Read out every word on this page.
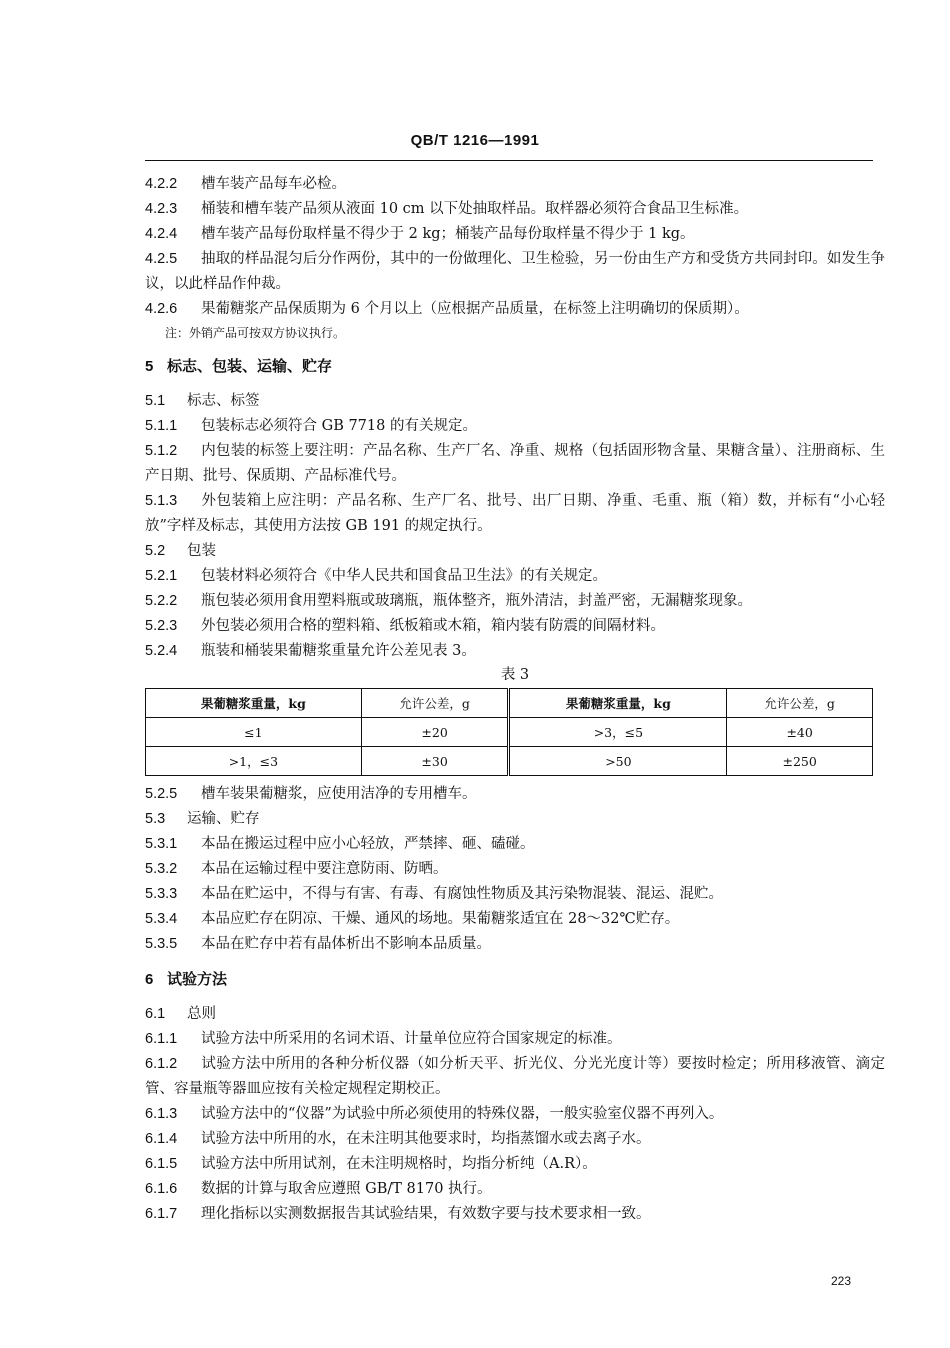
QB/T 1216—1991

4.2.2 槽车装产品每车必检。

4.2.3 桶装和槽车装产品须从液面 10 cm 以下处抽取样品。取样器必须符合食品卫生标准。

4.2.4 槽车装产品每份取样量不得少于 2 kg；桶装产品每份取样量不得少于 1 kg。

4.2.5 抽取的样品混匀后分作两份，其中的一份做理化、卫生检验，另一份由生产方和受货方共同封印。如发生争议，以此样品作仲裁。

4.2.6 果葡糖浆产品保质期为 6 个月以上（应根据产品质量，在标签上注明确切的保质期）。

注：外销产品可按双方协议执行。

5 标志、包装、运输、贮存

5.1 标志、标签

5.1.1 包装标志必须符合 GB 7718 的有关规定。

5.1.2 内包装的标签上要注明：产品名称、生产厂名、净重、规格（包括固形物含量、果糖含量）、注册商标、生产日期、批号、保质期、产品标准代号。

5.1.3 外包装箱上应注明：产品名称、生产厂名、批号、出厂日期、净重、毛重、瓶（箱）数，并标有“小心轻放”字样及标志，其使用方法按 GB 191 的规定执行。

5.2 包装

5.2.1 包装材料必须符合《中华人民共和国食品卫生法》的有关规定。

5.2.2 瓶包装必须用食用塑料瓶或玻璃瓶，瓶体整齐，瓶外清洁，封盖严密，无漏糖浆现象。

5.2.3 外包装必须用合格的塑料箱、纸板箱或木箱，箱内装有防震的间隔材料。

5.2.4 瓶装和桶装果葡糖浆重量允许公差见表 3。

表 3

果葡糖浆重量，kg	允许公差，g	果葡糖浆重量，kg	允许公差，g
≤1	±20	>3，≤5	±40
>1，≤3	±30	>50	±250

5.2.5 槽车装果葡糖浆，应使用洁净的专用槽车。

5.3 运输、贮存

5.3.1 本品在搬运过程中应小心轻放，严禁摔、砸、磕碰。

5.3.2 本品在运输过程中要注意防雨、防晒。

5.3.3 本品在贮运中，不得与有害、有毒、有腐蚀性物质及其污染物混装、混运、混贮。

5.3.4 本品应贮存在阴凉、干燥、通风的场地。果葡糖浆适宜在 28～32℃贮存。

5.3.5 本品在贮存中若有晶体析出不影响本品质量。

6 试验方法

6.1 总则

6.1.1 试验方法中所采用的名词术语、计量单位应符合国家规定的标准。

6.1.2 试验方法中所用的各种分析仪器（如分析天平、折光仪、分光光度计等）要按时检定；所用移液管、滴定管、容量瓶等器皿应按有关检定规程定期校正。

6.1.3 试验方法中的“仪器”为试验中所必须使用的特殊仪器，一般实验室仪器不再列入。

6.1.4 试验方法中所用的水，在未注明其他要求时，均指蒸馏水或去离子水。

6.1.5 试验方法中所用试剂，在未注明规格时，均指分析纯（A.R）。

6.1.6 数据的计算与取舍应遵照 GB/T 8170 执行。

6.1.7 理化指标以实测数据报告其试验结果，有效数字要与技术要求相一致。

223
